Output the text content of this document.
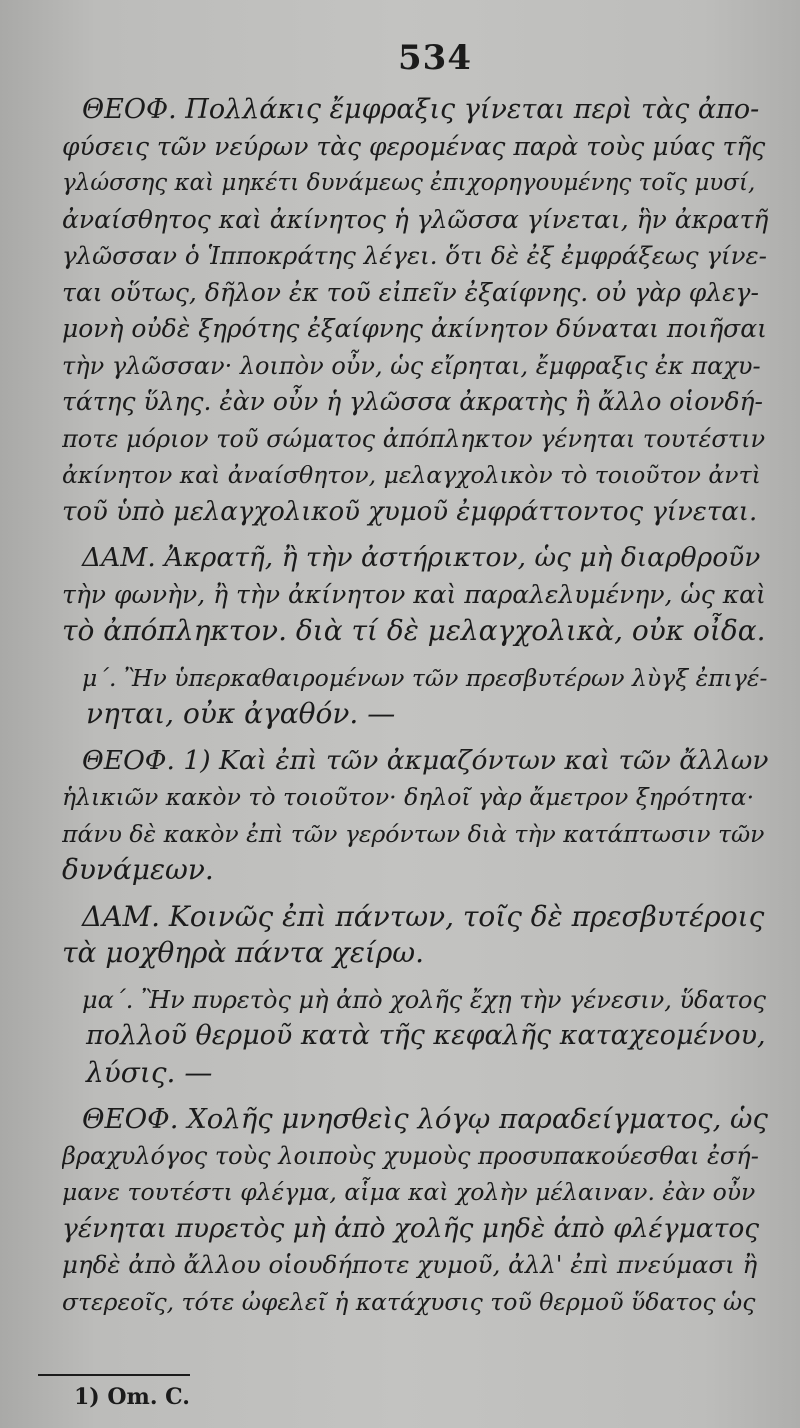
534
ΘΕΟΦ. Πολλάκις ἔμφραξις γίνεται περὶ τὰς ἀπο-
φύσεις τῶν νεύρων τὰς φερομένας παρὰ τοὺς μύας τῆς
γλώσσης καὶ μηκέτι δυνάμεως ἐπιχορηγουμένης τοῖς μυσί,
ἀναίσθητος καὶ ἀκίνητος ἡ γλῶσσα γίνεται, ἣν ἀκρατῆ
γλῶσσαν ὁ Ἱπποκράτης λέγει. ὅτι δὲ ἐξ ἐμφράξεως γίνε-
ται οὕτως, δῆλον ἐκ τοῦ εἰπεῖν ἐξαίφνης. οὐ γὰρ φλεγ-
μονὴ οὐδὲ ξηρότης ἐξαίφνης ἀκίνητον δύναται ποιῆσαι
τὴν γλῶσσαν· λοιπὸν οὖν, ὡς εἴρηται, ἔμφραξις ἐκ παχυ-
τάτης ὕλης. ἐὰν οὖν ἡ γλῶσσα ἀκρατὴς ἢ ἄλλο οἱονδή-
ποτε μόριον τοῦ σώματος ἀπόπληκτον γένηται τουτέστιν
ἀκίνητον καὶ ἀναίσθητον, μελαγχολικὸν τὸ τοιοῦτον ἀντὶ
τοῦ ὑπὸ μελαγχολικοῦ χυμοῦ ἐμφράττοντος γίνεται.
ΔΑΜ. Ἀκρατῆ, ἢ τὴν ἀστήρικτον, ὡς μὴ διαρθροῦν
τὴν φωνὴν, ἢ τὴν ἀκίνητον καὶ παραλελυμένην, ὡς καὶ
τὸ ἀπόπληκτον. διὰ τί δὲ μελαγχολικὰ, οὐκ οἶδα.
μ΄. Ἢν ὑπερκαθαιρομένων τῶν πρεσβυτέρων λὺγξ ἐπιγέ-
νηται, οὐκ ἀγαθόν. —
ΘΕΟΦ. 1) Καὶ ἐπὶ τῶν ἀκμαζόντων καὶ τῶν ἄλλων
ἡλικιῶν κακὸν τὸ τοιοῦτον· δηλοῖ γὰρ ἄμετρον ξηρότητα·
πάνυ δὲ κακὸν ἐπὶ τῶν γερόντων διὰ τὴν κατάπτωσιν τῶν
δυνάμεων.
ΔΑΜ. Κοινῶς ἐπὶ πάντων, τοῖς δὲ πρεσβυτέροις
τὰ μοχθηρὰ πάντα χείρω.
μα΄. Ἢν πυρετὸς μὴ ἀπὸ χολῆς ἔχῃ τὴν γένεσιν, ὕδατος
πολλοῦ θερμοῦ κατὰ τῆς κεφαλῆς καταχεομένου,
λύσις. —
ΘΕΟΦ. Χολῆς μνησθεὶς λόγῳ παραδείγματος, ὡς
βραχυλόγος τοὺς λοιποὺς χυμοὺς προσυπακούεσθαι ἐσή-
μανε τουτέστι φλέγμα, αἷμα καὶ χολὴν μέλαιναν. ἐὰν οὖν
γένηται πυρετὸς μὴ ἀπὸ χολῆς μηδὲ ἀπὸ φλέγματος
μηδὲ ἀπὸ ἄλλου οἱουδήποτε χυμοῦ, ἀλλ' ἐπὶ πνεύμασι ἢ
στερεοῖς, τότε ὠφελεῖ ἡ κατάχυσις τοῦ θερμοῦ ὕδατος ὡς
1) Om. C.
